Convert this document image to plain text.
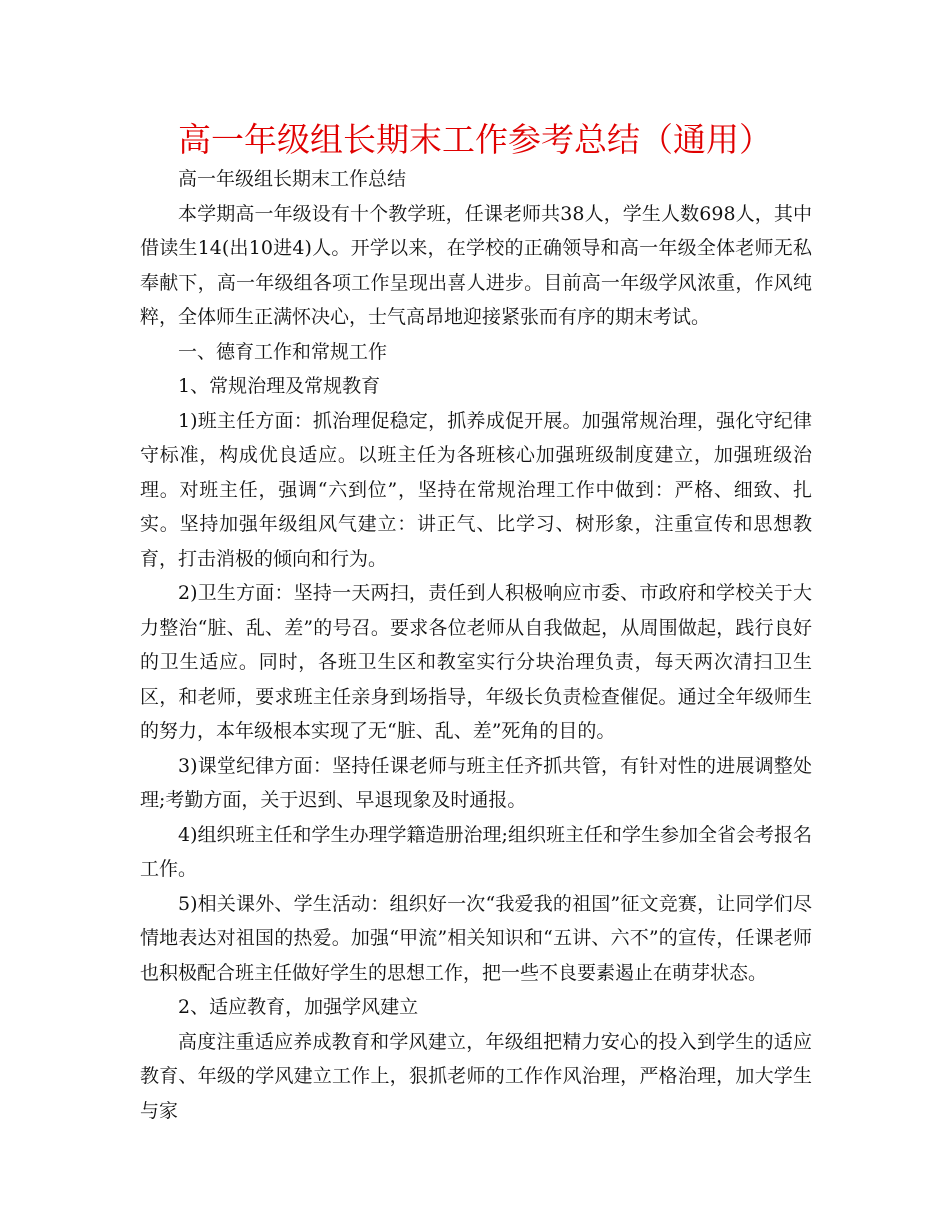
高一年级组长期末工作参考总结（通用）

高一年级组长期末工作总结

本学期高一年级设有十个教学班，任课老师共38人，学生人数698人，其中借读生14(出10进4)人。开学以来，在学校的正确领导和高一年级全体老师无私奉献下，高一年级组各项工作呈现出喜人进步。目前高一年级学风浓重，作风纯粹，全体师生正满怀决心，士气高昂地迎接紧张而有序的期末考试。

一、德育工作和常规工作

1、常规治理及常规教育

1)班主任方面：抓治理促稳定，抓养成促开展。加强常规治理，强化守纪律守标准，构成优良适应。以班主任为各班核心加强班级制度建立，加强班级治理。对班主任，强调“六到位”，坚持在常规治理工作中做到：严格、细致、扎实。坚持加强年级组风气建立：讲正气、比学习、树形象，注重宣传和思想教育，打击消极的倾向和行为。

2)卫生方面：坚持一天两扫，责任到人积极响应市委、市政府和学校关于大力整治“脏、乱、差”的号召。要求各位老师从自我做起，从周围做起，践行良好的卫生适应。同时，各班卫生区和教室实行分块治理负责，每天两次清扫卫生区，和老师，要求班主任亲身到场指导，年级长负责检查催促。通过全年级师生的努力，本年级根本实现了无“脏、乱、差”死角的目的。

3)课堂纪律方面：坚持任课老师与班主任齐抓共管，有针对性的进展调整处理;考勤方面，关于迟到、早退现象及时通报。

4)组织班主任和学生办理学籍造册治理;组织班主任和学生参加全省会考报名工作。

5)相关课外、学生活动：组织好一次“我爱我的祖国”征文竞赛，让同学们尽情地表达对祖国的热爱。加强“甲流”相关知识和“五讲、六不”的宣传，任课老师也积极配合班主任做好学生的思想工作，把一些不良要素遏止在萌芽状态。

2、适应教育，加强学风建立

高度注重适应养成教育和学风建立，年级组把精力安心的投入到学生的适应教育、年级的学风建立工作上，狠抓老师的工作作风治理，严格治理，加大学生与家
